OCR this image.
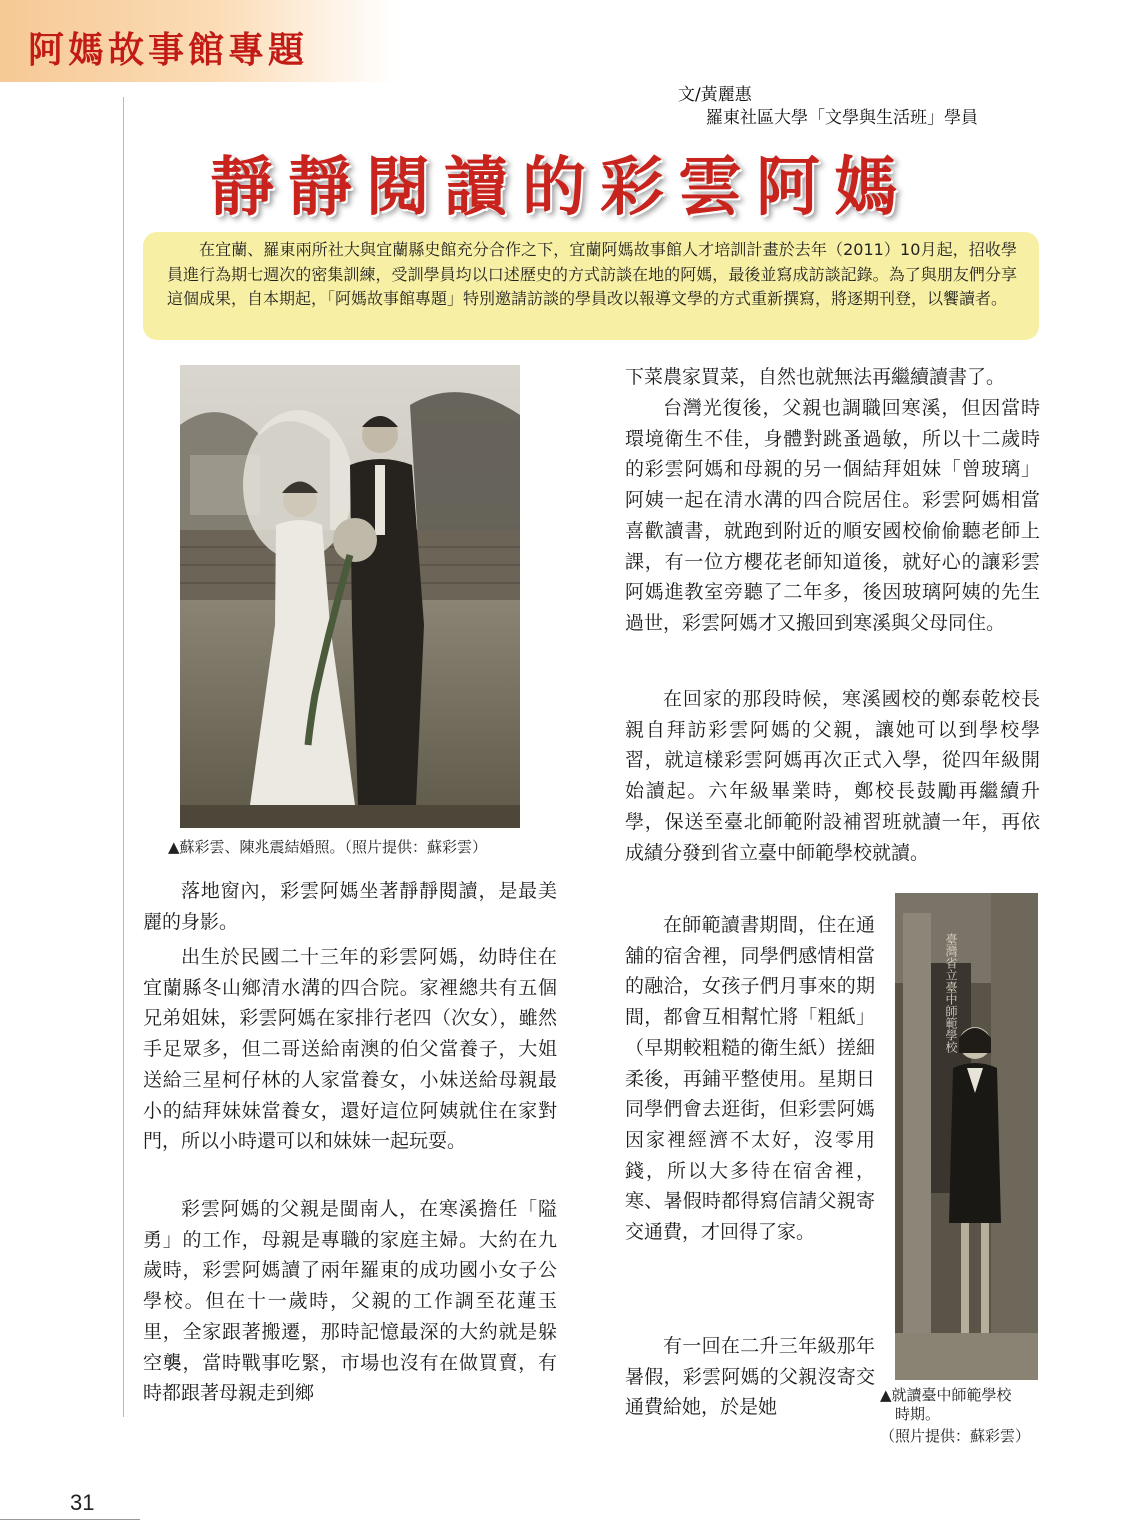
阿媽故事館專題
文/黃麗惠
羅東社區大學「文學與生活班」學員
靜靜閱讀的彩雲阿媽
在宜蘭、羅東兩所社大與宜蘭縣史館充分合作之下，宜蘭阿媽故事館人才培訓計畫於去年（2011）10月起，招收學員進行為期七週次的密集訓練，受訓學員均以口述歷史的方式訪談在地的阿媽，最後並寫成訪談記錄。為了與朋友們分享這個成果，自本期起，「阿媽故事館專題」特別邀請訪談的學員改以報導文學的方式重新撰寫，將逐期刊登，以饗讀者。
▲蘇彩雲、陳兆震結婚照。（照片提供：蘇彩雲）
臺灣省立臺中師範學校
▲就讀臺中師範學校
時期。
（照片提供：蘇彩雲）

落地窗內，彩雲阿媽坐著靜靜閱讀，是最美麗的身影。

出生於民國二十三年的彩雲阿媽，幼時住在宜蘭縣冬山鄉清水溝的四合院。家裡總共有五個兄弟姐妹，彩雲阿媽在家排行老四（次女），雖然手足眾多，但二哥送給南澳的伯父當養子，大姐送給三星柯仔林的人家當養女，小妹送給母親最小的結拜妹妹當養女，還好這位阿姨就住在家對門，所以小時還可以和妹妹一起玩耍。

彩雲阿媽的父親是閩南人，在寒溪擔任「隘勇」的工作，母親是專職的家庭主婦。大約在九歲時，彩雲阿媽讀了兩年羅東的成功國小女子公學校。但在十一歲時，父親的工作調至花蓮玉里，全家跟著搬遷，那時記憶最深的大約就是躲空襲，當時戰事吃緊，市場也沒有在做買賣，有時都跟著母親走到鄉

下菜農家買菜，自然也就無法再繼續讀書了。

台灣光復後，父親也調職回寒溪，但因當時環境衛生不佳，身體對跳蚤過敏，所以十二歲時的彩雲阿媽和母親的另一個結拜姐妹「曾玻璃」阿姨一起在清水溝的四合院居住。彩雲阿媽相當喜歡讀書，就跑到附近的順安國校偷偷聽老師上課，有一位方櫻花老師知道後，就好心的讓彩雲阿媽進教室旁聽了二年多，後因玻璃阿姨的先生過世，彩雲阿媽才又搬回到寒溪與父母同住。

在回家的那段時候，寒溪國校的鄭泰乾校長親自拜訪彩雲阿媽的父親，讓她可以到學校學習，就這樣彩雲阿媽再次正式入學，從四年級開始讀起。六年級畢業時，鄭校長鼓勵再繼續升學，保送至臺北師範附設補習班就讀一年，再依成績分發到省立臺中師範學校就讀。

在師範讀書期間，住在通舖的宿舍裡，同學們感情相當的融洽，女孩子們月事來的期間，都會互相幫忙將「粗紙」（早期較粗糙的衛生紙）搓細柔後，再鋪平整使用。星期日同學們會去逛街，但彩雲阿媽因家裡經濟不太好，沒零用錢，所以大多待在宿舍裡，寒、暑假時都得寫信請父親寄交通費，才回得了家。

有一回在二升三年級那年暑假，彩雲阿媽的父親沒寄交通費給她，於是她

31
